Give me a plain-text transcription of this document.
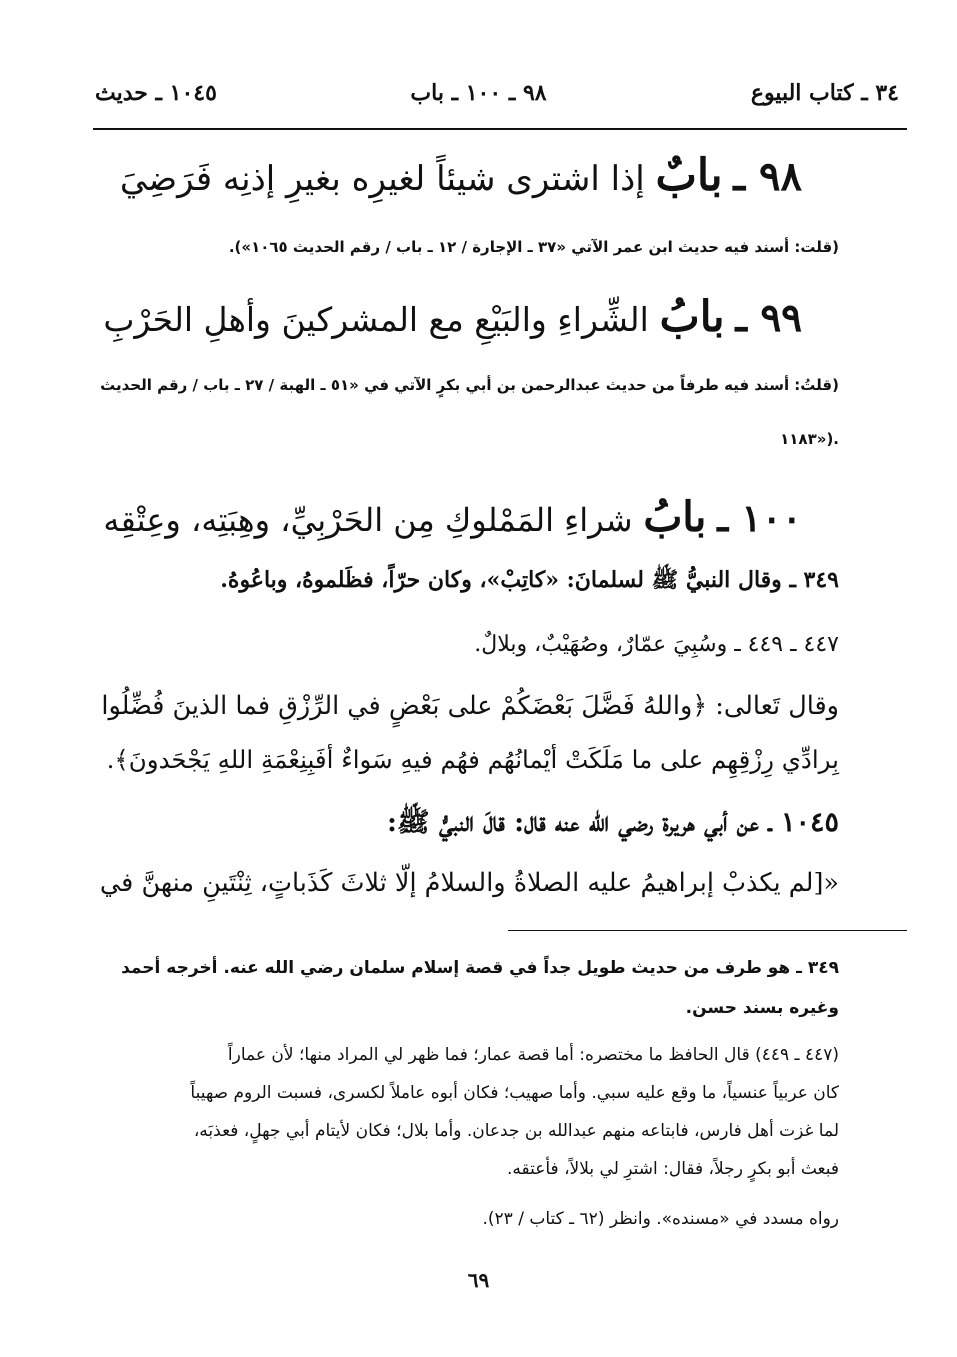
٣٤ ـ كتاب البيوع
٩٨ ـ ١٠٠ ـ باب
١٠٤٥ ـ حديث
٩٨ ـ بابٌ إذا اشترى شيئاً لغيرِه بغيرِ إذنِه فَرَضِيَ
(قلت: أسند فيه حديث ابن عمر الآتي «٣٧ ـ الإجارة / ١٢ ـ باب / رقم الحديث ١٠٦٥»).
٩٩ ـ بابُ الشِّراءِ والبَيْعِ مع المشركينَ وأهلِ الحَرْبِ
(قلتُ: أسند فيه طرفاً من حديث عبدالرحمن بن أبي بكرٍ الآتي في «٥١ ـ الهبة / ٢٧ ـ باب / رقم الحديث
١١٨٣»).
١٠٠ ـ بابُ شراءِ المَمْلوكِ مِن الحَرْبِيِّ، وهِبَتِه، وعِتْقِه
٣٤٩ ـ وقال النبيُّ ﷺ لسلمانَ: «كاتِبْ»، وكان حرّاً، فظَلموهُ، وباعُوهُ.
٤٤٧ ـ ٤٤٩ ـ وسُبِيَ عمّارٌ، وصُهَيْبٌ، وبلالٌ.
وقال تَعالى: ﴿واللهُ فَضَّلَ بَعْضَكُمْ على بَعْضٍ في الرِّزْقِ فما الذينَ فُضِّلُوا
بِرادِّي رِزْقِهِم على ما مَلَكَتْ أيْمانُهُم فهُم فيهِ سَواءٌ أفَبِنِعْمَةِ اللهِ يَجْحَدونَ﴾.
١٠٤٥ ـ عن أبي هريرة رضي الله عنه قال: قالَ النبيُّ ﷺ:
«[لم يكذبْ إبراهيمُ عليه الصلاةُ والسلامُ إلّا ثلاثَ كَذَباتٍ، ثِنْتَينِ منهنَّ في
٣٤٩ ـ هو طرف من حديث طويل جداً في قصة إسلام سلمان رضي الله عنه. أخرجه أحمد
وغيره بسند حسن.
(٤٤٧ ـ ٤٤٩) قال الحافظ ما مختصره: أما قصة عمار؛ فما ظهر لي المراد منها؛ لأن عماراً
كان عربياً عنسياً، ما وقع عليه سبي. وأما صهيب؛ فكان أبوه عاملاً لكسرى، فسبت الروم صهيباً
لما غزت أهل فارس، فابتاعه منهم عبدالله بن جدعان. وأما بلال؛ فكان لأيتام أبي جهلٍ، فعذبَه،
فبعث أبو بكرٍ رجلاً، فقال: اشترِ لي بلالاً، فأعتقه.
رواه مسدد في «مسنده». وانظر (٦٢ ـ كتاب / ٢٣).
٦٩
